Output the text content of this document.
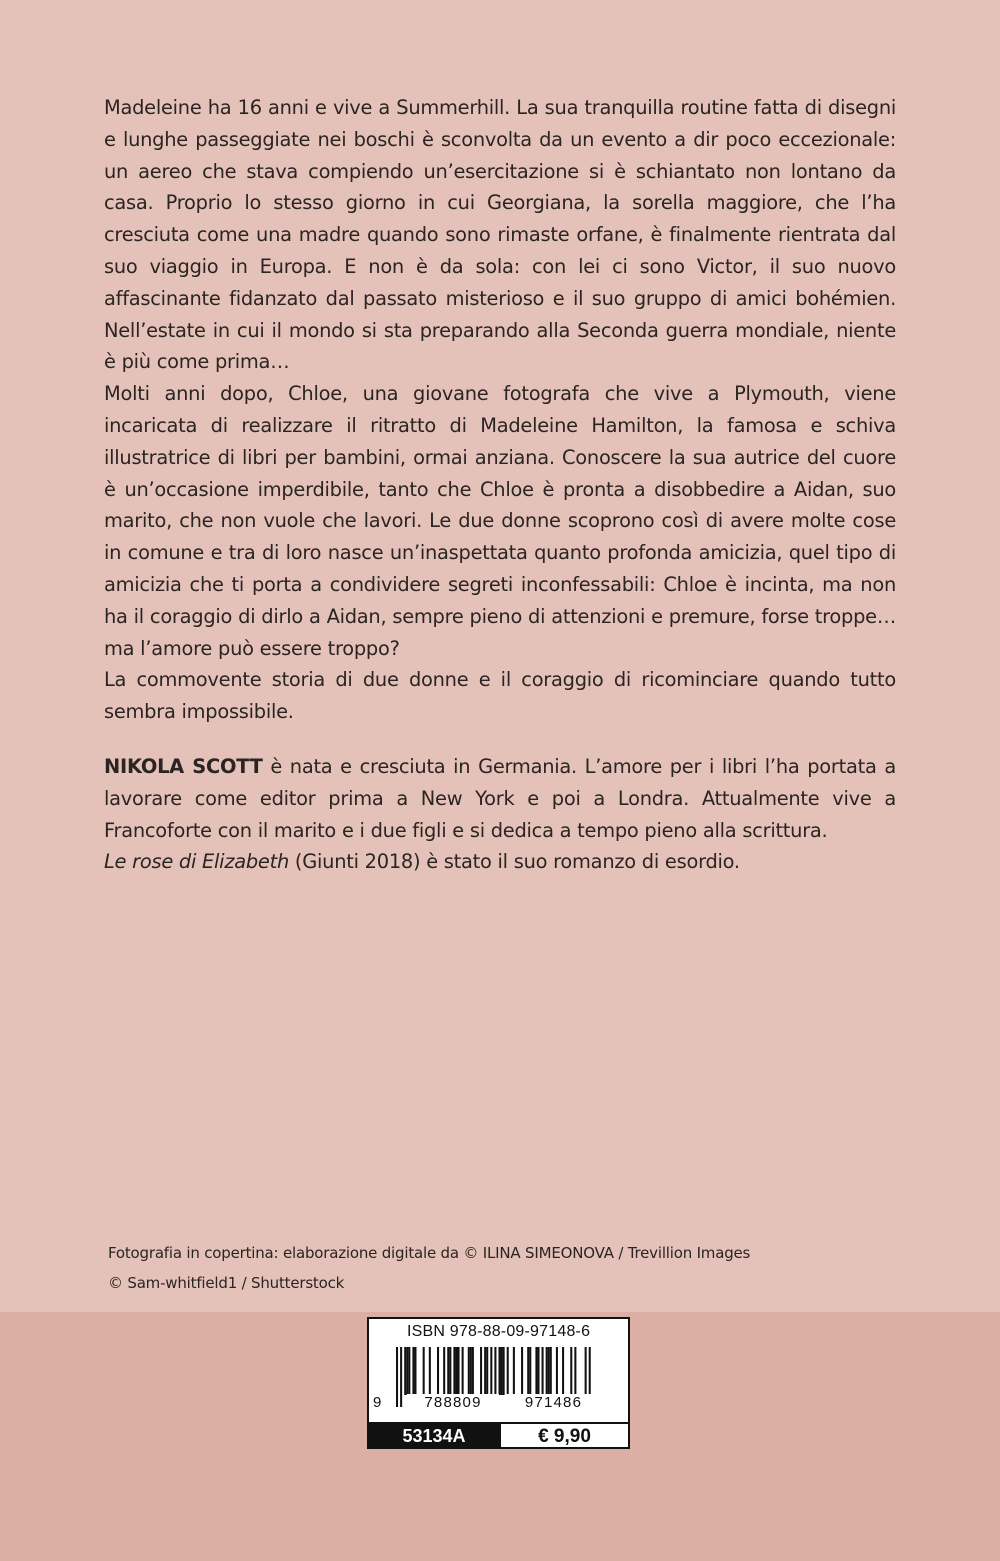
Madeleine ha 16 anni e vive a Summerhill. La sua tranquilla routine fatta di disegni e lunghe passeggiate nei boschi è sconvolta da un evento a dir poco eccezionale: un aereo che stava compiendo un’esercitazione si è schiantato non lontano da casa. Proprio lo stesso giorno in cui Georgiana, la sorella maggiore, che l’ha cresciuta come una madre quando sono rimaste orfane, è finalmente rientrata dal suo viaggio in Europa. E non è da sola: con lei ci sono Victor, il suo nuovo affascinante fidanzato dal passato misterioso e il suo gruppo di amici bohémien. Nell’estate in cui il mondo si sta preparando alla Seconda guerra mondiale, niente è più come prima…

Molti anni dopo, Chloe, una giovane fotografa che vive a Plymouth, viene incaricata di realizzare il ritratto di Madeleine Hamilton, la famosa e schiva illustratrice di libri per bambini, ormai anziana. Conoscere la sua autrice del cuore è un’occasione imperdibile, tanto che Chloe è pronta a disobbedire a Aidan, suo marito, che non vuole che lavori. Le due donne scoprono così di avere molte cose in comune e tra di loro nasce un’inaspettata quanto profonda amicizia, quel tipo di amicizia che ti porta a condividere segreti inconfessabili: Chloe è incinta, ma non ha il coraggio di dirlo a Aidan, sempre pieno di attenzioni e premure, forse troppe… ma l’amore può essere troppo?

La commovente storia di due donne e il coraggio di ricominciare quando tutto sembra impossibile.

NIKOLA SCOTT è nata e cresciuta in Germania. L’amore per i libri l’ha portata a lavorare come editor prima a New York e poi a Londra. Attualmente vive a Francoforte con il marito e i due figli e si dedica a tempo pieno alla scrittura.

Le rose di Elizabeth (Giunti 2018) è stato il suo romanzo di esordio.

Fotografia in copertina: elaborazione digitale da © ILINA SIMEONOVA / Trevillion Images
© Sam-whitfield1 / Shutterstock
ISBN 978-88-09-97148-6
9	788809	971486
53134A	€ 9,90
